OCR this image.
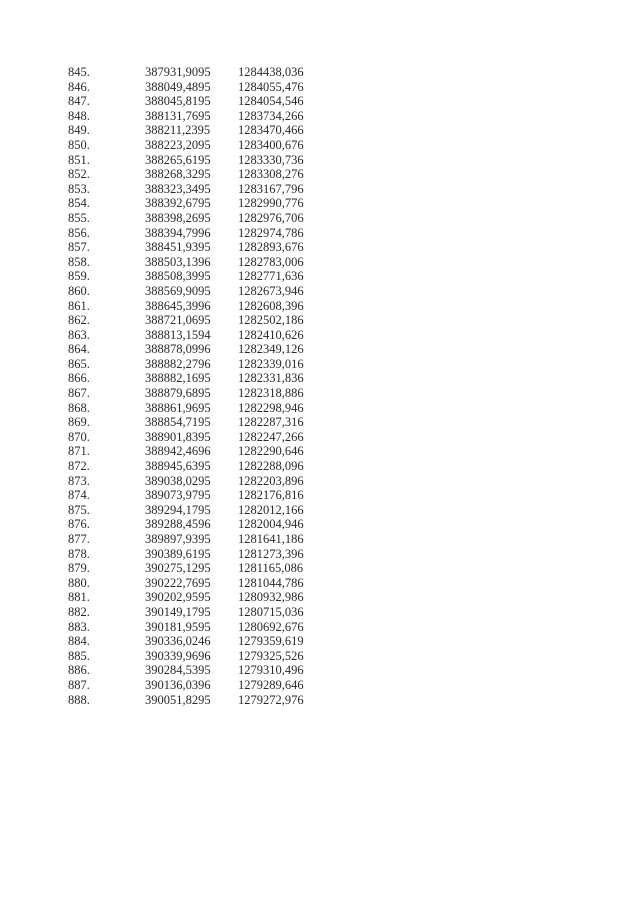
845.	387931,9095	1284438,036
846.	388049,4895	1284055,476
847.	388045,8195	1284054,546
848.	388131,7695	1283734,266
849.	388211,2395	1283470,466
850.	388223,2095	1283400,676
851.	388265,6195	1283330,736
852.	388268,3295	1283308,276
853.	388323,3495	1283167,796
854.	388392,6795	1282990,776
855.	388398,2695	1282976,706
856.	388394,7996	1282974,786
857.	388451,9395	1282893,676
858.	388503,1396	1282783,006
859.	388508,3995	1282771,636
860.	388569,9095	1282673,946
861.	388645,3996	1282608,396
862.	388721,0695	1282502,186
863.	388813,1594	1282410,626
864.	388878,0996	1282349,126
865.	388882,2796	1282339,016
866.	388882,1695	1282331,836
867.	388879,6895	1282318,886
868.	388861,9695	1282298,946
869.	388854,7195	1282287,316
870.	388901,8395	1282247,266
871.	388942,4696	1282290,646
872.	388945,6395	1282288,096
873.	389038,0295	1282203,896
874.	389073,9795	1282176,816
875.	389294,1795	1282012,166
876.	389288,4596	1282004,946
877.	389897,9395	1281641,186
878.	390389,6195	1281273,396
879.	390275,1295	1281165,086
880.	390222,7695	1281044,786
881.	390202,9595	1280932,986
882.	390149,1795	1280715,036
883.	390181,9595	1280692,676
884.	390336,0246	1279359,619
885.	390339,9696	1279325,526
886.	390284,5395	1279310,496
887.	390136,0396	1279289,646
888.	390051,8295	1279272,976
